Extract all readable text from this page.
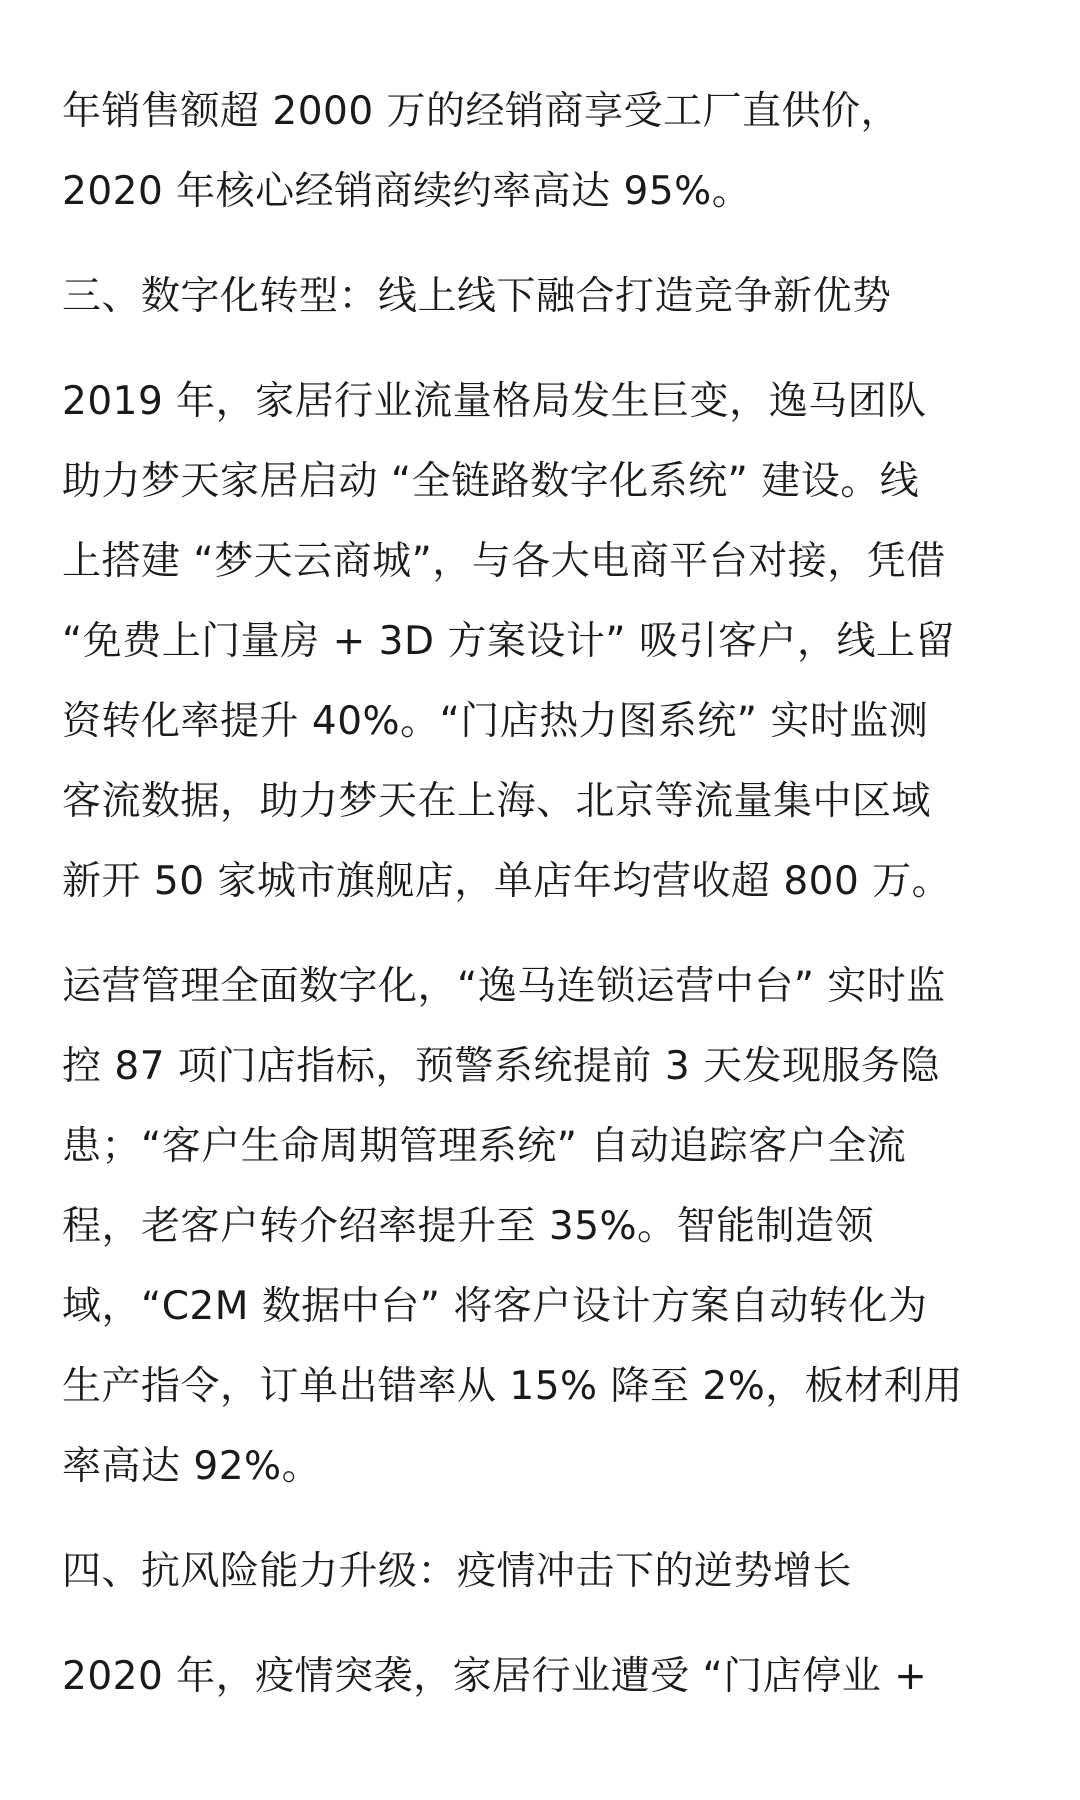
年销售额超 2000 万的经销商享受工厂直供价，
2020 年核心经销商续约率高达 95%。

三、数字化转型：线上线下融合打造竞争新优势

2019 年，家居行业流量格局发生巨变，逸马团队
助力梦天家居启动 “全链路数字化系统” 建设。线
上搭建 “梦天云商城”，与各大电商平台对接，凭借
“免费上门量房 + 3D 方案设计” 吸引客户，线上留
资转化率提升 40%。“门店热力图系统” 实时监测
客流数据，助力梦天在上海、北京等流量集中区域
新开 50 家城市旗舰店，单店年均营收超 800 万。

运营管理全面数字化，“逸马连锁运营中台” 实时监
控 87 项门店指标，预警系统提前 3 天发现服务隐
患；“客户生命周期管理系统” 自动追踪客户全流
程，老客户转介绍率提升至 35%。智能制造领
域，“C2M 数据中台” 将客户设计方案自动转化为
生产指令，订单出错率从 15% 降至 2%，板材利用
率高达 92%。

四、抗风险能力升级：疫情冲击下的逆势增长

2020 年，疫情突袭，家居行业遭受 “门店停业 +
